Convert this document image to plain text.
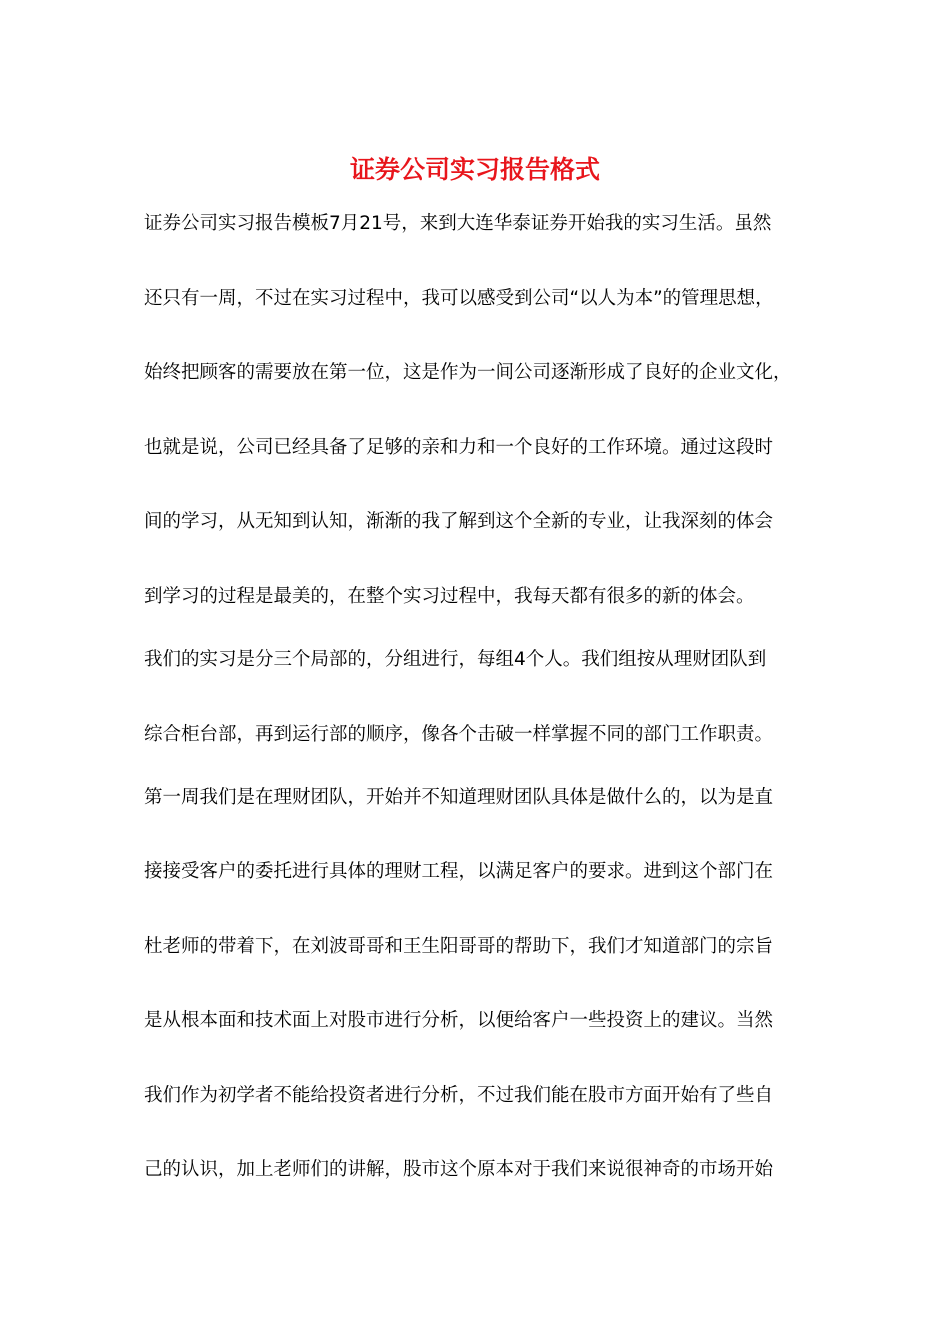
证券公司实习报告格式
证券公司实习报告模板7月21号，来到大连华泰证券开始我的实习生活。虽然
还只有一周，不过在实习过程中，我可以感受到公司“以人为本”的管理思想，
始终把顾客的需要放在第一位，这是作为一间公司逐渐形成了良好的企业文化，
也就是说，公司已经具备了足够的亲和力和一个良好的工作环境。通过这段时
间的学习，从无知到认知，渐渐的我了解到这个全新的专业，让我深刻的体会
到学习的过程是最美的，在整个实习过程中，我每天都有很多的新的体会。
我们的实习是分三个局部的，分组进行，每组4个人。我们组按从理财团队到
综合柜台部，再到运行部的顺序，像各个击破一样掌握不同的部门工作职责。
第一周我们是在理财团队，开始并不知道理财团队具体是做什么的，以为是直
接接受客户的委托进行具体的理财工程，以满足客户的要求。进到这个部门在
杜老师的带着下，在刘波哥哥和王生阳哥哥的帮助下，我们才知道部门的宗旨
是从根本面和技术面上对股市进行分析，以便给客户一些投资上的建议。当然
我们作为初学者不能给投资者进行分析，不过我们能在股市方面开始有了些自
己的认识，加上老师们的讲解，股市这个原本对于我们来说很神奇的市场开始
